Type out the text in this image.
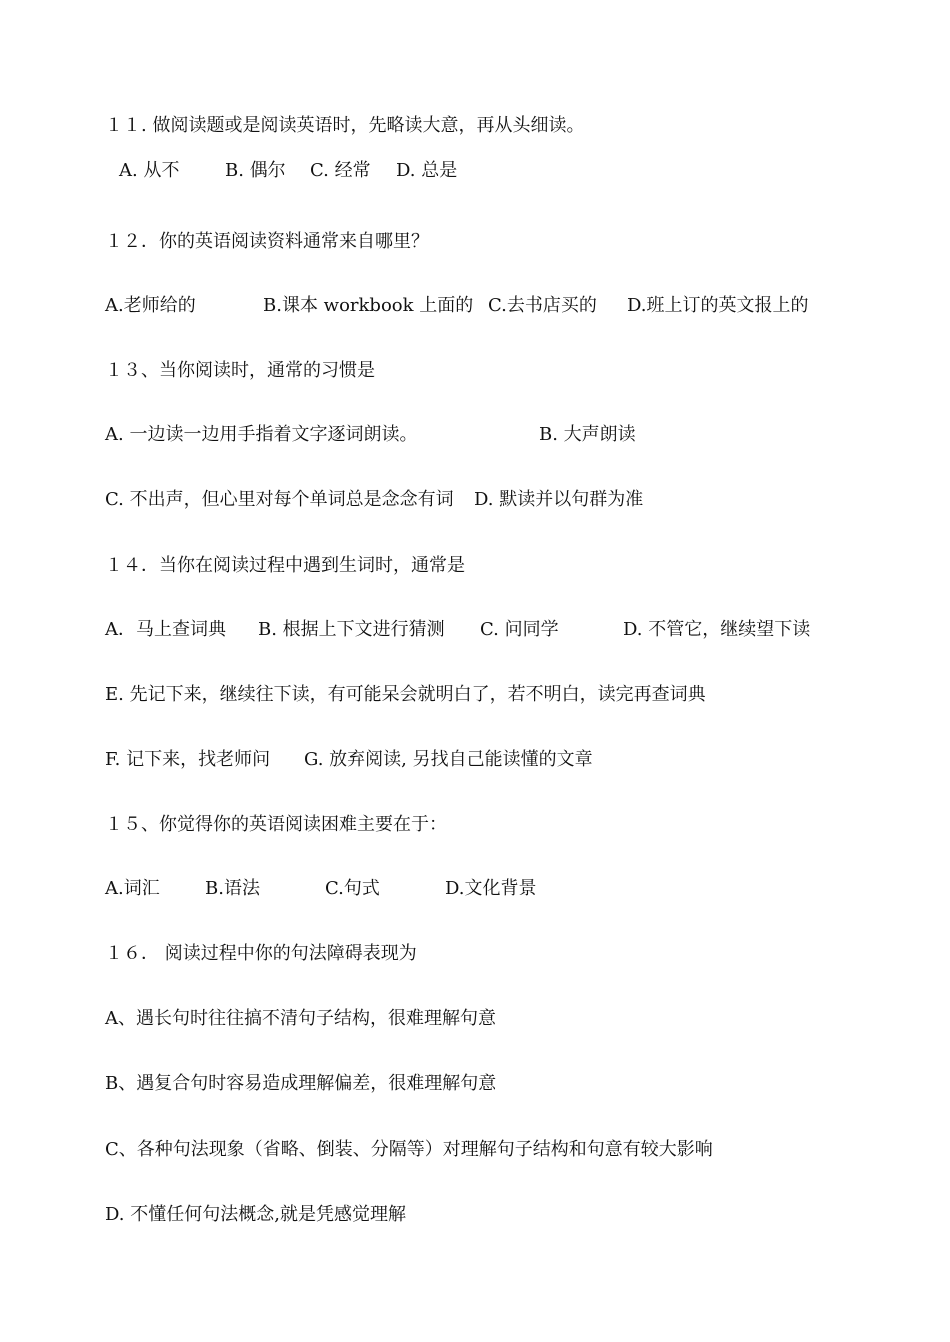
１１. 做阅读题或是阅读英语时，先略读大意，再从头细读。
A. 从不	B. 偶尔 C. 经常 D. 总是
１２．你的英语阅读资料通常来自哪里？
A.老师给的	B.课本 workbook 上面的 C.去书店买的 D.班上订的英文报上的
１３、当你阅读时，通常的习惯是
A. 一边读一边用手指着文字逐词朗读。	B. 大声朗读
C. 不出声，但心里对每个单词总是念念有词 D. 默读并以句群为准
１４．当你在阅读过程中遇到生词时，通常是
A．马上查词典 B. 根据上下文进行猜测 C. 问同学	D. 不管它，继续望下读
E. 先记下来，继续往下读，有可能呆会就明白了，若不明白，读完再查词典
F. 记下来，找老师问 G. 放弃阅读, 另找自己能读懂的文章
１５、你觉得你的英语阅读困难主要在于：
A.词汇	B.语法	C.句式	D.文化背景
１６． 阅读过程中你的句法障碍表现为
A、遇长句时往往搞不清句子结构，很难理解句意
B、遇复合句时容易造成理解偏差，很难理解句意
C、各种句法现象（省略、倒装、分隔等）对理解句子结构和句意有较大影响
D. 不懂任何句法概念,就是凭感觉理解
